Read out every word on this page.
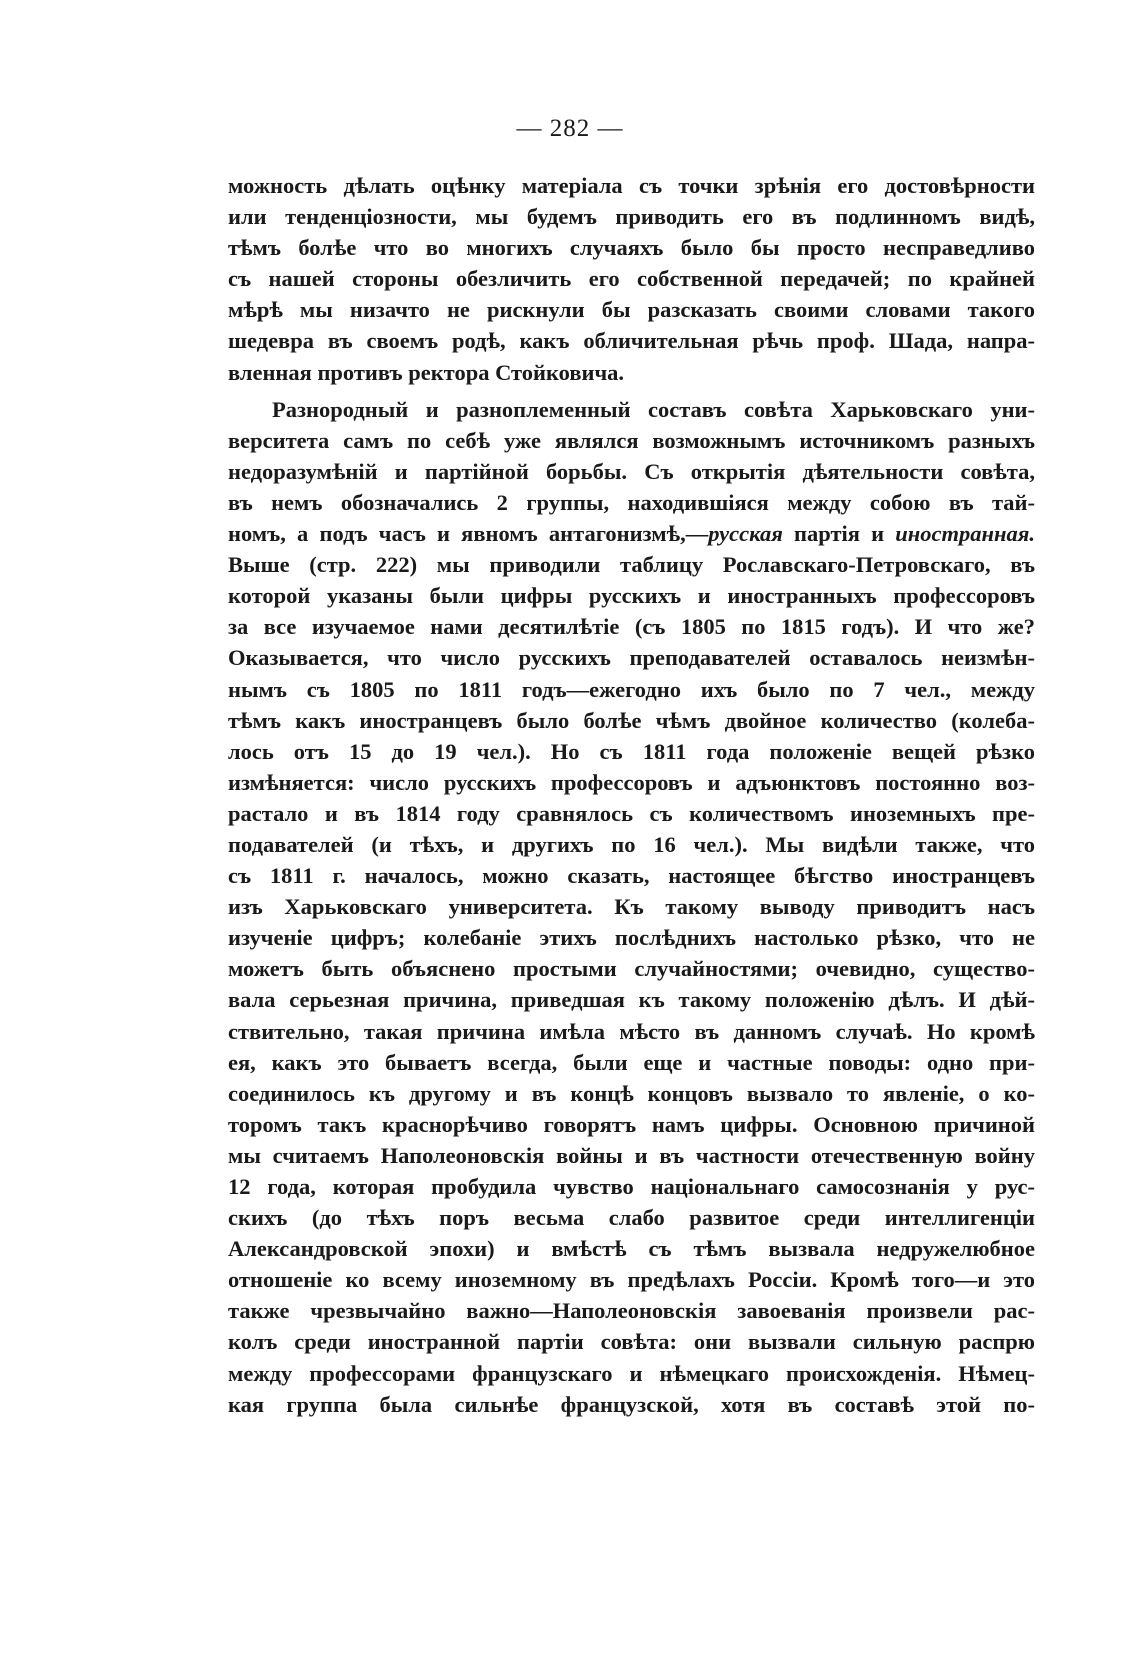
— 282 —
можность дѣлать оцѣнку матеріала съ точки зрѣнія его достовѣрности
или тенденціозности, мы будемъ приводить его въ подлинномъ видѣ,
тѣмъ болѣе что во многихъ случаяхъ было бы просто несправедливо
съ нашей стороны обезличить его собственной передачей; по крайней
мѣрѣ мы низачто не рискнули бы разсказать своими словами такого
шедевра въ своемъ родѣ, какъ обличительная рѣчь проф. Шада, напра-
вленная противъ ректора Стойковича.
Разнородный и разноплеменный составъ совѣта Харьковскаго уни-
верситета самъ по себѣ уже являлся возможнымъ источникомъ разныхъ
недоразумѣній и партійной борьбы. Съ открытія дѣятельности совѣта,
въ немъ обозначались 2 группы, находившіяся между собою въ тай-
номъ, а подъ часъ и явномъ антагонизмѣ,—русская партія и иностранная.
Выше (стр. 222) мы приводили таблицу Рославскаго-Петровскаго, въ
которой указаны были цифры русскихъ и иностранныхъ профессоровъ
за все изучаемое нами десятилѣтіе (съ 1805 по 1815 годъ). И что же?
Оказывается, что число русскихъ преподавателей оставалось неизмѣн-
нымъ съ 1805 по 1811 годъ—ежегодно ихъ было по 7 чел., между
тѣмъ какъ иностранцевъ было болѣе чѣмъ двойное количество (колеба-
лось отъ 15 до 19 чел.). Но съ 1811 года положеніе вещей рѣзко
измѣняется: число русскихъ профессоровъ и адъюнктовъ постоянно воз-
растало и въ 1814 году сравнялось съ количествомъ иноземныхъ пре-
подавателей (и тѣхъ, и другихъ по 16 чел.). Мы видѣли также, что
съ 1811 г. началось, можно сказать, настоящее бѣгство иностранцевъ
изъ Харьковскаго университета. Къ такому выводу приводитъ насъ
изученіе цифръ; колебаніе этихъ послѣднихъ настолько рѣзко, что не
можетъ быть объяснено простыми случайностями; очевидно, существо-
вала серьезная причина, приведшая къ такому положенію дѣлъ. И дѣй-
ствительно, такая причина имѣла мѣсто въ данномъ случаѣ. Но кромѣ
ея, какъ это бываетъ всегда, были еще и частные поводы: одно при-
соединилось къ другому и въ концѣ концовъ вызвало то явленіе, о ко-
торомъ такъ краснорѣчиво говорятъ намъ цифры. Основною причиной
мы считаемъ Наполеоновскія войны и въ частности отечественную войну
12 года, которая пробудила чувство національнаго самосознанія у рус-
скихъ (до тѣхъ поръ весьма слабо развитое среди интеллигенціи
Александровской эпохи) и вмѣстѣ съ тѣмъ вызвала недружелюбное
отношеніе ко всему иноземному въ предѣлахъ Россіи. Кромѣ того—и это
также чрезвычайно важно—Наполеоновскія завоеванія произвели рас-
колъ среди иностранной партіи совѣта: они вызвали сильную распрю
между профессорами французскаго и нѣмецкаго происхожденія. Нѣмец-
кая группа была сильнѣе французской, хотя въ составѣ этой по-
